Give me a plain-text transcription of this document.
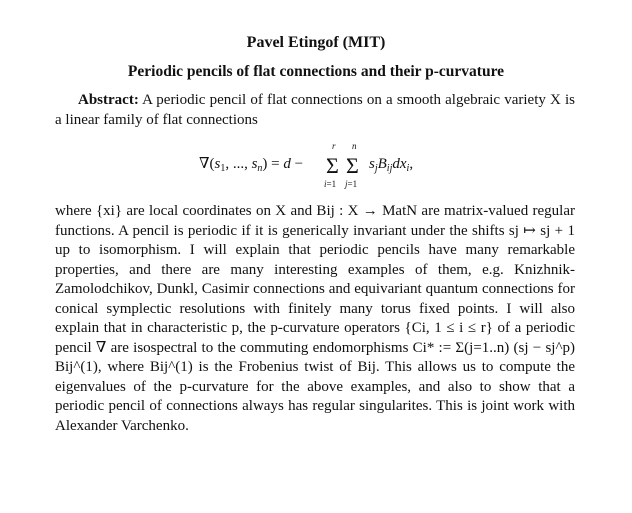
Pavel Etingof (MIT)
Periodic pencils of flat connections and their p-curvature
Abstract: A periodic pencil of flat connections on a smooth algebraic variety X is a linear family of flat connections
$\nabla(s_1$, ..., $s_n) = d - \Sigma$ Σ
r n
i=1 j=1
$s_jB_{ij}dx_i$,
where {xi} are local coordinates on X and Bij : X → MatN are matrix-valued regular functions. A pencil is periodic if it is generically invariant under the shifts sj ↦ sj + 1 up to isomorphism. I will explain that periodic pencils have many remarkable properties, and there are many interesting examples of them, e.g. Knizhnik-Zamolodchikov, Dunkl, Casimir connections and equivariant quantum connections for conical symplectic resolutions with finitely many torus fixed points. I will also explain that in characteristic p, the p-curvature operators {Ci, 1 ≤ i ≤ r} of a periodic pencil ∇ are isospectral to the commuting endomorphisms Ci* := Σ(j=1..n) (sj − sj^p) Bij^(1), where Bij^(1) is the Frobenius twist of Bij. This allows us to compute the eigenvalues of the p-curvature for the above examples, and also to show that a periodic pencil of connections always has regular singularites. This is joint work with Alexander Varchenko.
